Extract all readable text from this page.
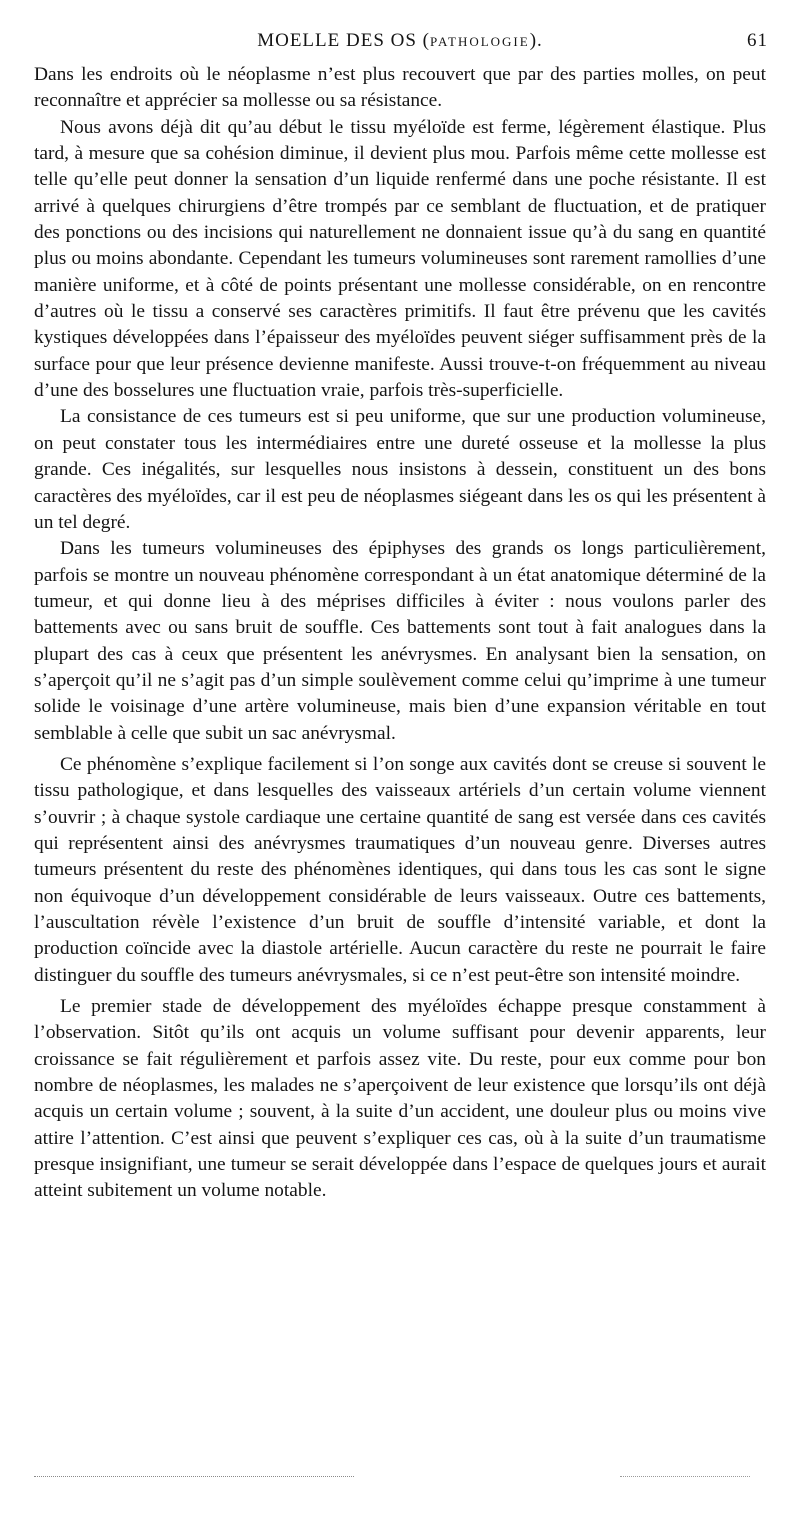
MOELLE DES OS (PATHOLOGIE).	61

Dans les endroits où le néoplasme n’est plus recouvert que par des parties molles, on peut reconnaître et apprécier sa mollesse ou sa résistance.

Nous avons déjà dit qu’au début le tissu myéloïde est ferme, légèrement élastique. Plus tard, à mesure que sa cohésion diminue, il devient plus mou. Parfois même cette mollesse est telle qu’elle peut donner la sensation d’un liquide renfermé dans une poche résistante. Il est arrivé à quelques chirurgiens d’être trompés par ce semblant de fluctuation, et de pratiquer des ponctions ou des incisions qui naturellement ne donnaient issue qu’à du sang en quantité plus ou moins abondante. Cependant les tumeurs volumineuses sont rarement ramollies d’une manière uniforme, et à côté de points présentant une mollesse considérable, on en rencontre d’autres où le tissu a conservé ses caractères primitifs. Il faut être prévenu que les cavités kystiques développées dans l’épaisseur des myéloïdes peuvent siéger suffisamment près de la surface pour que leur présence devienne manifeste. Aussi trouve-t-on fréquemment au niveau d’une des bosselures une fluctuation vraie, parfois très-superficielle.

La consistance de ces tumeurs est si peu uniforme, que sur une production volumineuse, on peut constater tous les intermédiaires entre une dureté osseuse et la mollesse la plus grande. Ces inégalités, sur lesquelles nous insistons à dessein, constituent un des bons caractères des myéloïdes, car il est peu de néoplasmes siégeant dans les os qui les présentent à un tel degré.

Dans les tumeurs volumineuses des épiphyses des grands os longs particulièrement, parfois se montre un nouveau phénomène correspondant à un état anatomique déterminé de la tumeur, et qui donne lieu à des méprises difficiles à éviter : nous voulons parler des battements avec ou sans bruit de souffle. Ces battements sont tout à fait analogues dans la plupart des cas à ceux que présentent les anévrysmes. En analysant bien la sensation, on s’aperçoit qu’il ne s’agit pas d’un simple soulèvement comme celui qu’imprime à une tumeur solide le voisinage d’une artère volumineuse, mais bien d’une expansion véritable en tout semblable à celle que subit un sac anévrysmal.

Ce phénomène s’explique facilement si l’on songe aux cavités dont se creuse si souvent le tissu pathologique, et dans lesquelles des vaisseaux artériels d’un certain volume viennent s’ouvrir ; à chaque systole cardiaque une certaine quantité de sang est versée dans ces cavités qui représentent ainsi des anévrysmes traumatiques d’un nouveau genre. Diverses autres tumeurs présentent du reste des phénomènes identiques, qui dans tous les cas sont le signe non équivoque d’un développement considérable de leurs vaisseaux. Outre ces battements, l’auscultation révèle l’existence d’un bruit de souffle d’intensité variable, et dont la production coïncide avec la diastole artérielle. Aucun caractère du reste ne pourrait le faire distinguer du souffle des tumeurs anévrysmales, si ce n’est peut-être son intensité moindre.

Le premier stade de développement des myéloïdes échappe presque constamment à l’observation. Sitôt qu’ils ont acquis un volume suffisant pour devenir apparents, leur croissance se fait régulièrement et parfois assez vite. Du reste, pour eux comme pour bon nombre de néoplasmes, les malades ne s’aperçoivent de leur existence que lorsqu’ils ont déjà acquis un certain volume ; souvent, à la suite d’un accident, une douleur plus ou moins vive attire l’attention. C’est ainsi que peuvent s’expliquer ces cas, où à la suite d’un traumatisme presque insignifiant, une tumeur se serait développée dans l’espace de quelques jours et aurait atteint subitement un volume notable.
